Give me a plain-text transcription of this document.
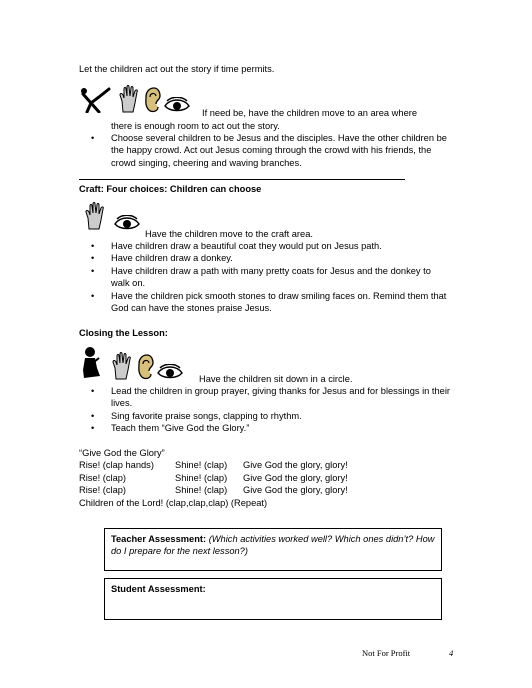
Let the children act out the story if time permits.
If need be, have the children move to an area where
there is enough room to act out the story.
• Choose several children to be Jesus and the disciples. Have the other children be the happy crowd. Act out Jesus coming through the crowd with his friends, the crowd singing, cheering and waving branches.
Craft: Four choices: Children can choose
Have the children move to the craft area.
• Have children draw a beautiful coat they would put on Jesus path.
• Have children draw a donkey.
• Have children draw a path with many pretty coats for Jesus and the donkey to walk on.
• Have the children pick smooth stones to draw smiling faces on. Remind them that God can have the stones praise Jesus.
Closing the Lesson:
Have the children sit down in a circle.
• Lead the children in group prayer, giving thanks for Jesus and for blessings in their lives.
• Sing favorite praise songs, clapping to rhythm.
• Teach them “Give God the Glory.”
“Give God the Glory”
Rise! (clap hands)	Shine! (clap)	Give God the glory, glory!
Rise! (clap)	Shine! (clap)	Give God the glory, glory!
Rise! (clap)	Shine! (clap)	Give God the glory, glory!
Children of the Lord! (clap,clap,clap) (Repeat)
Teacher Assessment: (Which activities worked well? Which ones didn’t? How do I prepare for the next lesson?)
Student Assessment:
Not For Profit	4
